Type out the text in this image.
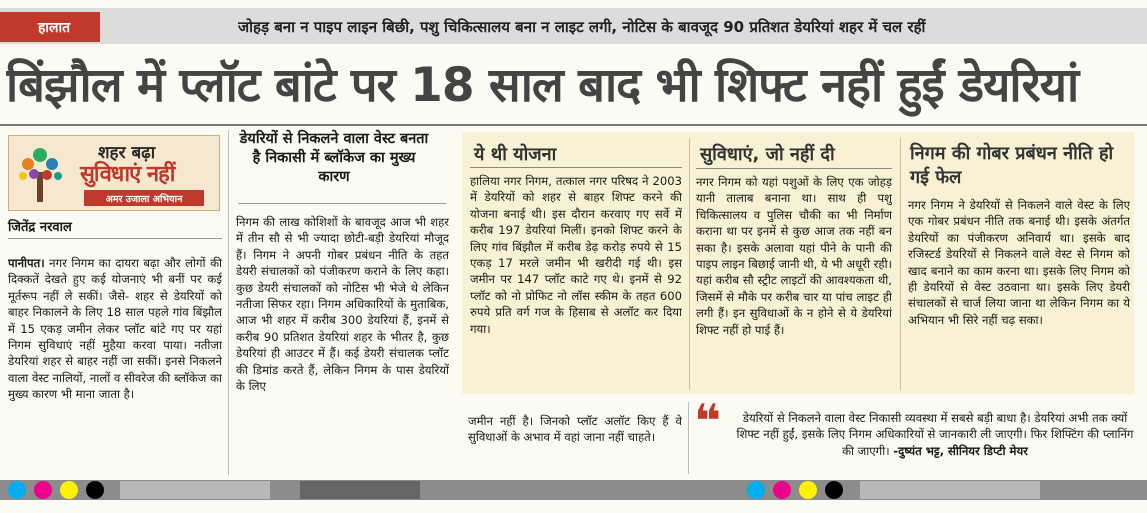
हालात	जोहड़ बना न पाइप लाइन बिछी, पशु चिकित्सालय बना न लाइट लगी, नोटिस के बावजूद 90 प्रतिशत डेयरियां शहर में चल रहीं
बिंझौल में प्लॉट बांटे पर 18 साल बाद भी शिफ्ट नहीं हुईं डेयरियां
शहर बढ़ा
सुविधाएं नहीं
अमर उजाला अभियान
जितेंद्र नरवाल
पानीपत। नगर निगम का दायरा बढ़ा और लोगों की दिक्कतें देखते हुए कई योजनाएं भी बनीं पर कई मूर्तरूप नहीं ले सकीं। जैसे- शहर से डेयरियों को बाहर निकालने के लिए 18 साल पहले गांव बिंझौल में 15 एकड़ जमीन लेकर प्लॉट बांटे गए पर यहां निगम सुविधाएं नहीं मुहैया करवा पाया। नतीजा डेयरियां शहर से बाहर नहीं जा सकीं। इनसे निकलने वाला वेस्ट नालियों, नालों व सीवरेज की ब्लॉकेज का मुख्य कारण भी माना जाता है।
डेयरियों से निकलने वाला वेस्ट बनता है निकासी में ब्लॉकेज का मुख्य कारण
निगम की लाख कोशिशों के बावजूद आज भी शहर में तीन सौ से भी ज्यादा छोटी-बड़ी डेयरियां मौजूद हैं। निगम ने अपनी गोबर प्रबंधन नीति के तहत डेयरी संचालकों को पंजीकरण कराने के लिए कहा। कुछ डेयरी संचालकों को नोटिस भी भेजे थे लेकिन नतीजा सिफर रहा। निगम अधिकारियों के मुताबिक, आज भी शहर में करीब 300 डेयरियां हैं, इनमें से करीब 90 प्रतिशत डेयरियां शहर के भीतर है, कुछ डेयरियां ही आउटर में हैं। कई डेयरी संचालक प्लॉट की डिमांड करते हैं, लेकिन निगम के पास डेयरियों के लिए
ये थी योजना
हालिया नगर निगम, तत्काल नगर परिषद ने 2003 में डेयरियों को शहर से बाहर शिफ्ट करने की योजना बनाई थी। इस दौरान करवाए गए सर्वे में करीब 197 डेयरियां मिलीं। इनको शिफ्ट करने के लिए गांव बिंझौल में करीब डेढ़ करोड़ रुपये से 15 एकड़ 17 मरले जमीन भी खरीदी गई थी। इस जमीन पर 147 प्लॉट काटे गए थे। इनमें से 92 प्लॉट को नो प्रोफिट नो लॉस स्कीम के तहत 600 रुपये प्रति वर्ग गज के हिसाब से अलॉट कर दिया गया।
सुविधाएं, जो नहीं दी
नगर निगम को यहां पशुओं के लिए एक जोहड़ यानी तालाब बनाना था। साथ ही पशु चिकित्सालय व पुलिस चौकी का भी निर्माण कराना था पर इनमें से कुछ आज तक नहीं बन सका है। इसके अलावा यहां पीने के पानी की पाइप लाइन बिछाई जानी थी, ये भी अधूरी रही। यहां करीब सौ स्ट्रीट लाइटों की आवश्यकता थी, जिसमें से मौके पर करीब चार या पांच लाइट ही लगी हैं। इन सुविधाओं के न होने से ये डेयरियां शिफ्ट नहीं हो पाई हैं।
निगम की गोबर प्रबंधन नीति हो गई फेल
नगर निगम ने डेयरियों से निकलने वाले वेस्ट के लिए एक गोबर प्रबंधन नीति तक बनाई थी। इसके अंतर्गत डेयरियों का पंजीकरण अनिवार्य था। इसके बाद रजिस्टर्ड डेयरियों से निकलने वाले वेस्ट से निगम को खाद बनाने का काम करना था। इसके लिए निगम को ही डेयरियों से वेस्ट उठवाना था। इसके लिए डेयरी संचालकों से चार्ज लिया जाना था लेकिन निगम का ये अभियान भी सिरे नहीं चढ़ सका।
जमीन नहीं है। जिनको प्लॉट अलॉट किए हैं वे सुविधाओं के अभाव में वहां जाना नहीं चाहते। ❝	डेयरियों से निकलने वाला वेस्ट निकासी व्यवस्था में सबसे बड़ी बाधा है। डेयरियां अभी तक क्यों शिफ्ट नहीं हुईं, इसके लिए निगम अधिकारियों से जानकारी ली जाएगी। फिर शिफ्टिंग की प्लानिंग की जाएगी। -दुष्यंत भट्ट, सीनियर डिप्टी मेयर
